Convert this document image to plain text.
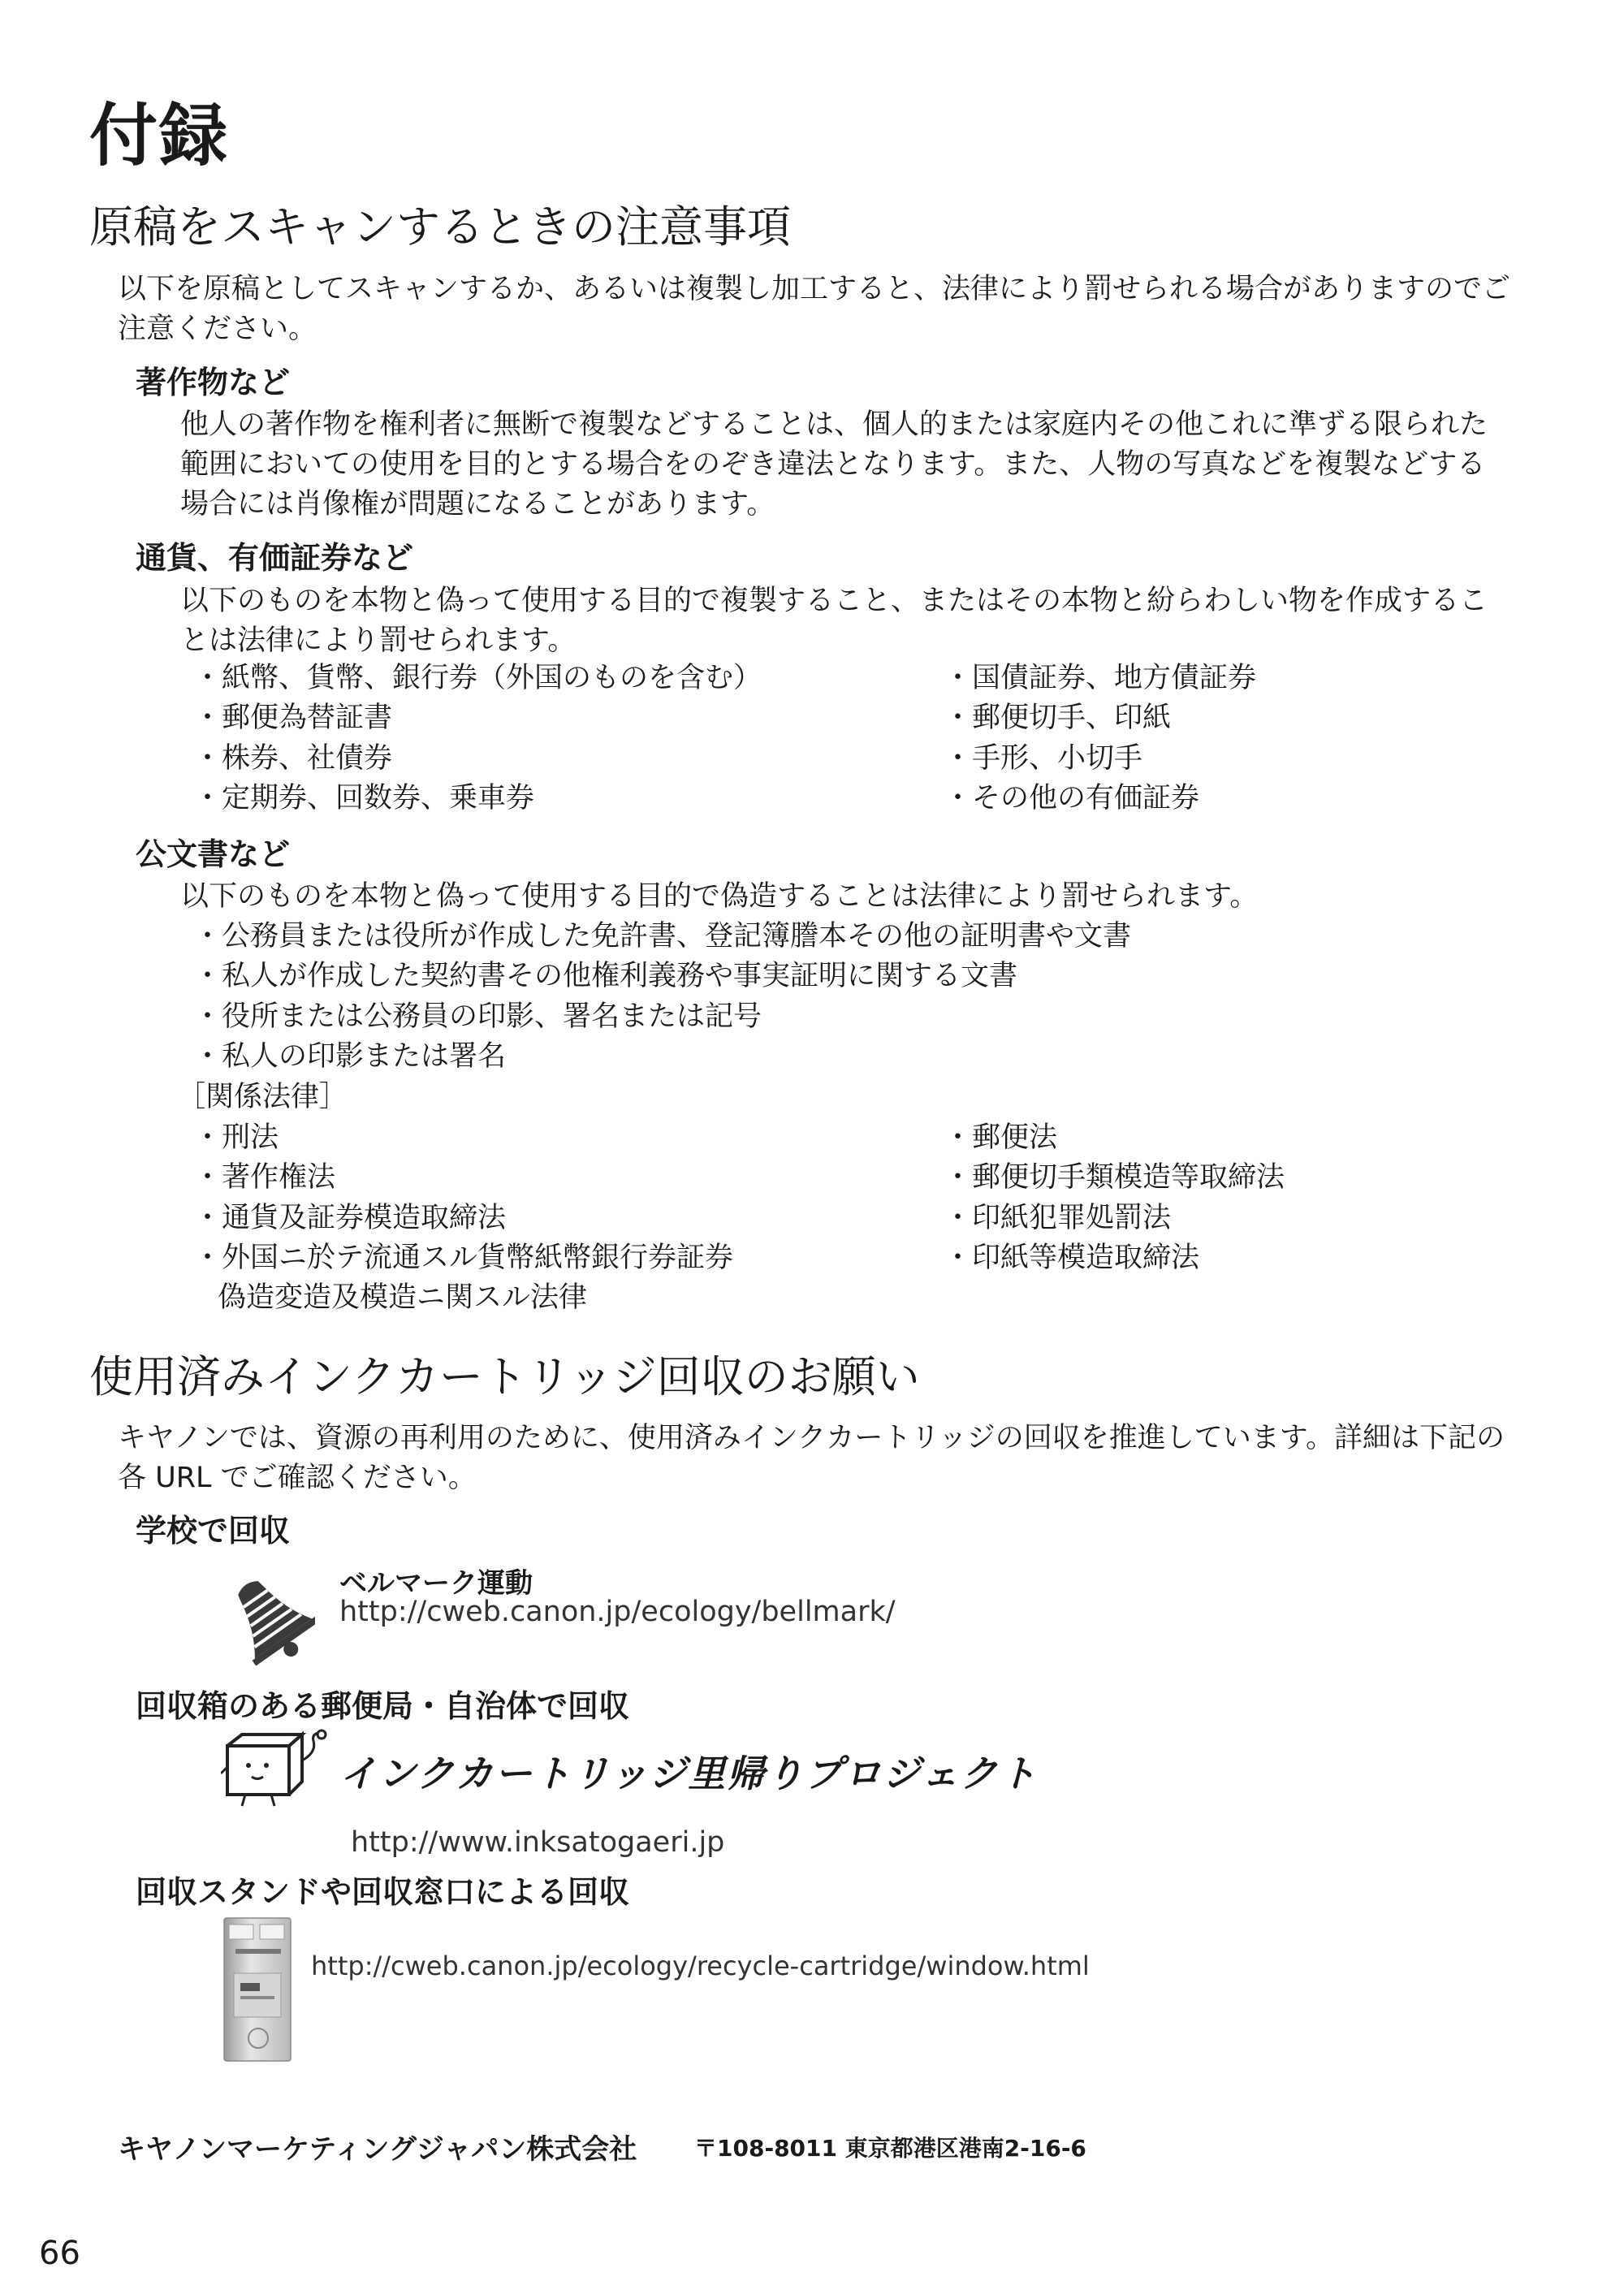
付録
原稿をスキャンするときの注意事項
以下を原稿としてスキャンするか、あるいは複製し加工すると、法律により罰せられる場合がありますのでご
注意ください。
著作物など
他人の著作物を権利者に無断で複製などすることは、個人的または家庭内その他これに準ずる限られた
範囲においての使用を目的とする場合をのぞき違法となります。また、人物の写真などを複製などする
場合には肖像権が問題になることがあります。
通貨、有価証券など
以下のものを本物と偽って使用する目的で複製すること、またはその本物と紛らわしい物を作成するこ
とは法律により罰せられます。
・紙幣、貨幣、銀行券（外国のものを含む）
・郵便為替証書
・株券、社債券
・定期券、回数券、乗車券
・国債証券、地方債証券
・郵便切手、印紙
・手形、小切手
・その他の有価証券
公文書など
以下のものを本物と偽って使用する目的で偽造することは法律により罰せられます。
・公務員または役所が作成した免許書、登記簿謄本その他の証明書や文書
・私人が作成した契約書その他権利義務や事実証明に関する文書
・役所または公務員の印影、署名または記号
・私人の印影または署名
［関係法律］
・刑法
・著作権法
・通貨及証券模造取締法
・外国ニ於テ流通スル貨幣紙幣銀行券証券
偽造変造及模造ニ関スル法律
・郵便法
・郵便切手類模造等取締法
・印紙犯罪処罰法
・印紙等模造取締法
使用済みインクカートリッジ回収のお願い
キヤノンでは、資源の再利用のために、使用済みインクカートリッジの回収を推進しています。詳細は下記の
各 URL でご確認ください。
学校で回収
ベルマーク運動
http://cweb.canon.jp/ecology/bellmark/
回収箱のある郵便局・自治体で回収
インクカートリッジ里帰りプロジェクト
http://www.inksatogaeri.jp
回収スタンドや回収窓口による回収
http://cweb.canon.jp/ecology/recycle-cartridge/window.html
キヤノンマーケティングジャパン株式会社	〒108-8011 東京都港区港南2-16-6
66
